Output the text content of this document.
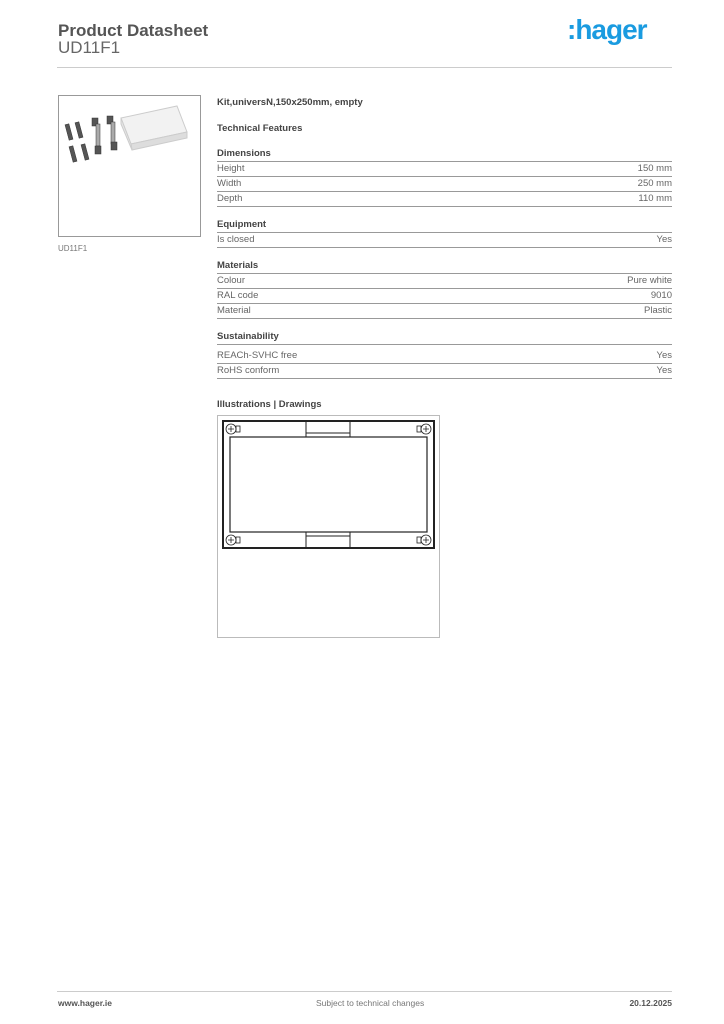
Product Datasheet
UD11F1
:hager
UD11F1
Kit,universN,150x250mm, empty
Technical Features
Dimensions
Height	150 mm
Width	250 mm
Depth	110 mm
Equipment
Is closed	Yes
Materials
Colour	Pure white
RAL code	9010
Material	Plastic
Sustainability
REACh-SVHC free	Yes
RoHS conform	Yes
Illustrations | Drawings
www.hager.ie	Subject to technical changes	20.12.2025
